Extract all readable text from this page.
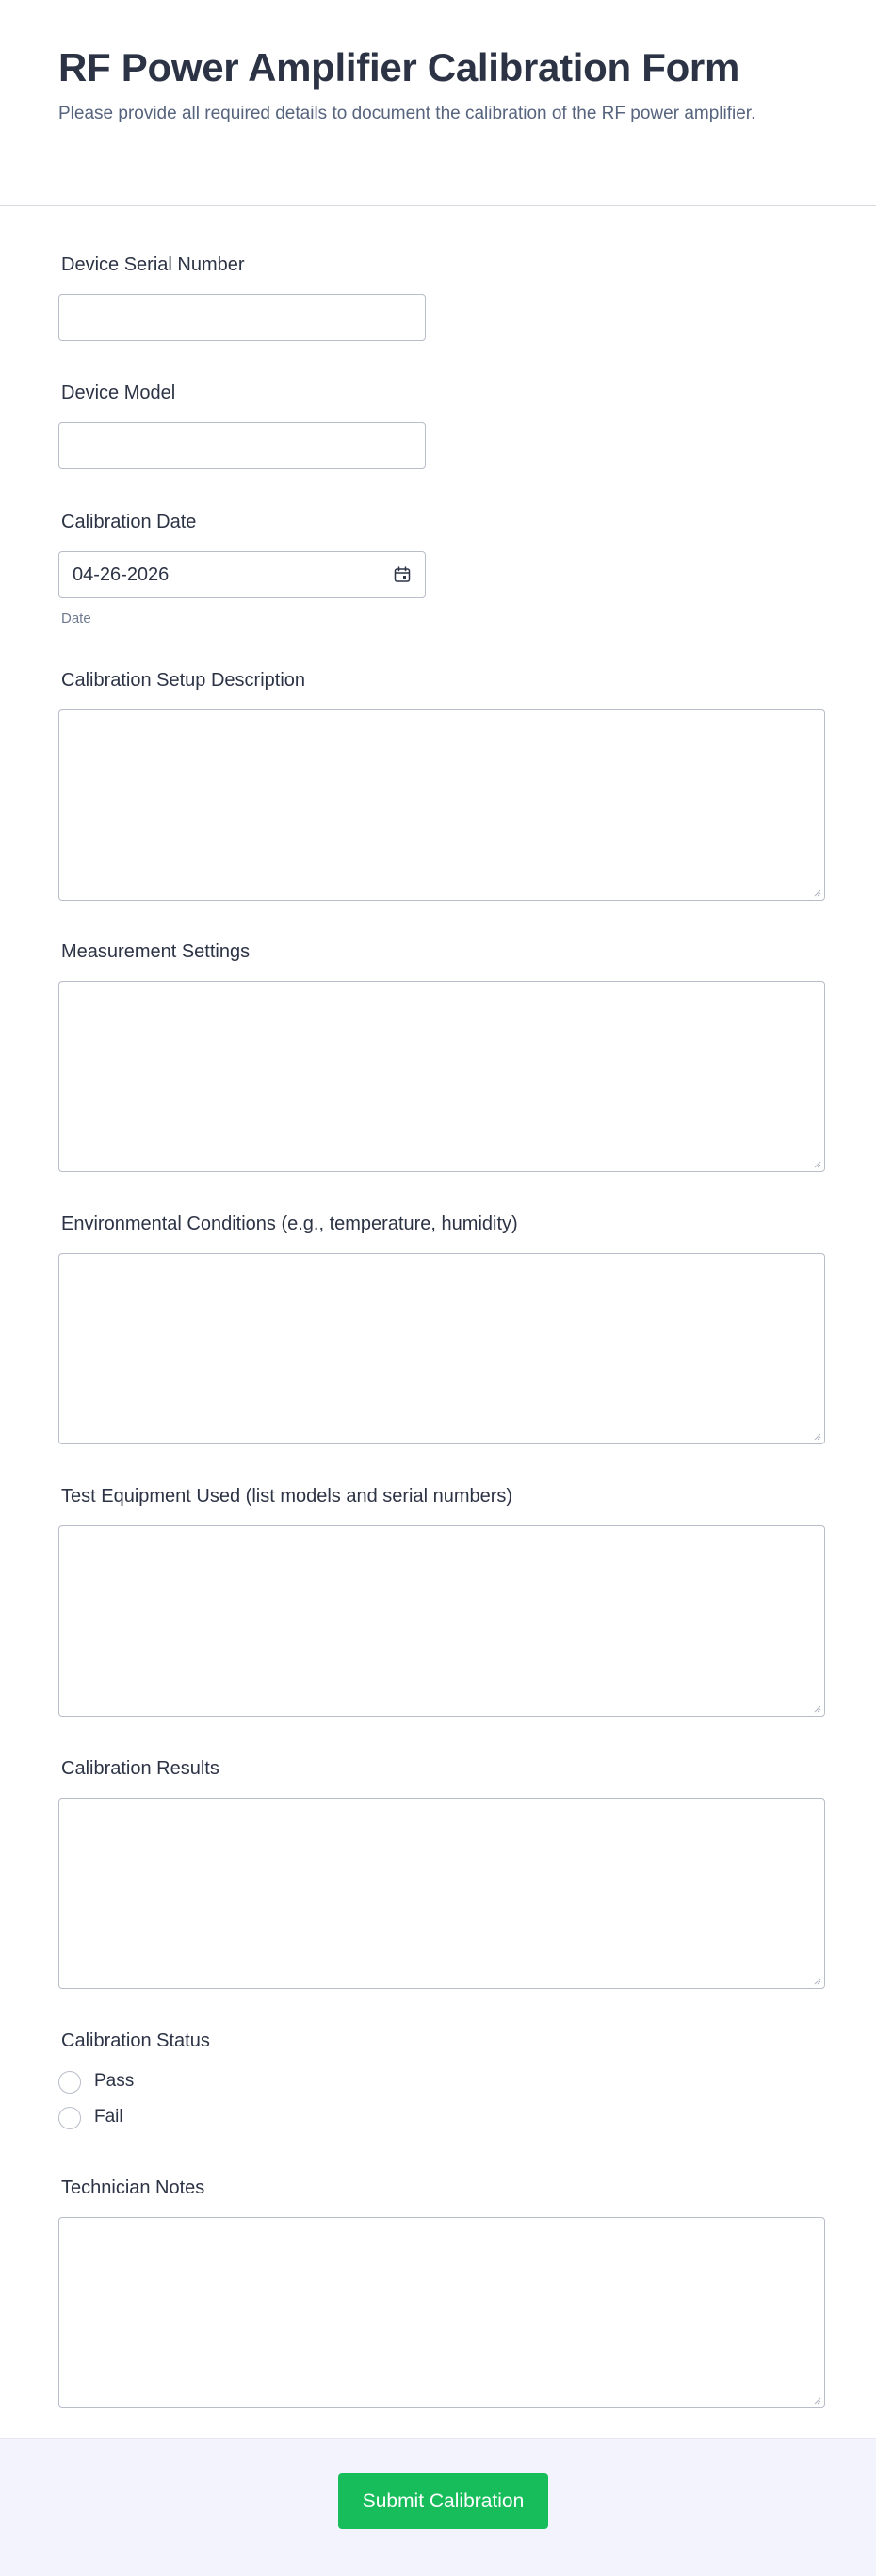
RF Power Amplifier Calibration Form
Please provide all required details to document the calibration of the RF power amplifier.
Device Serial Number
Device Model
Calibration Date
04-26-2026
Date
Calibration Setup Description
Measurement Settings
Environmental Conditions (e.g., temperature, humidity)
Test Equipment Used (list models and serial numbers)
Calibration Results
Calibration Status
Pass
Fail
Technician Notes
Submit Calibration
